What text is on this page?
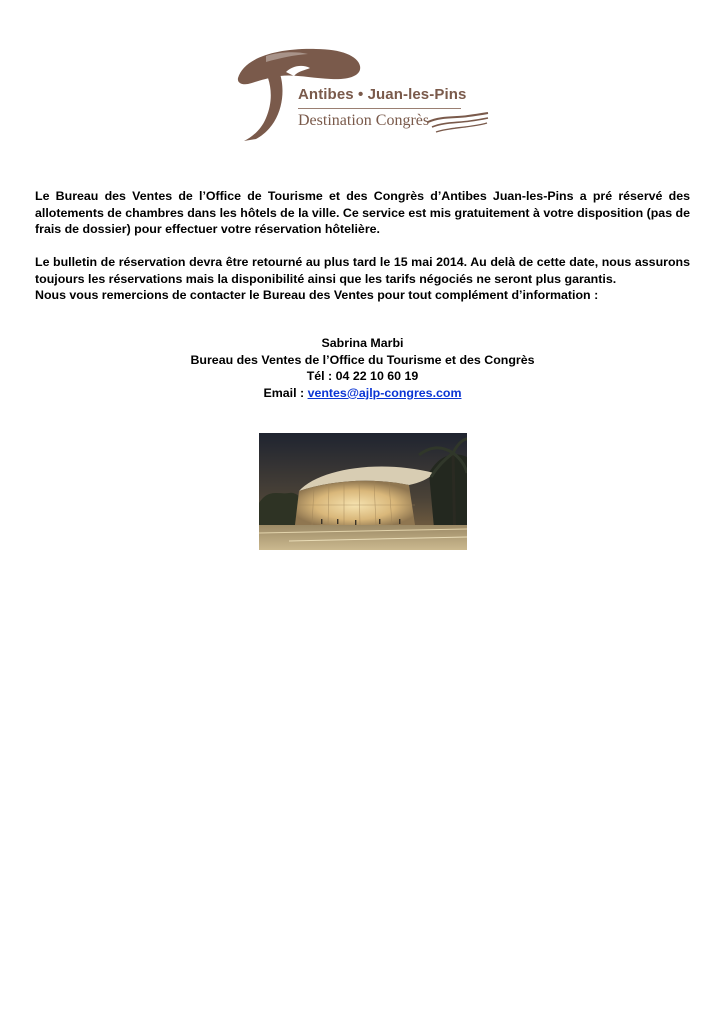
Antibes • Juan-les-Pins
Destination Congrès

Le Bureau des Ventes de l’Office de Tourisme et des Congrès d’Antibes Juan-les-Pins a pré réservé des allotements de chambres dans les hôtels de la ville. Ce service est mis gratuitement à votre disposition (pas de frais de dossier) pour effectuer votre réservation hôtelière.

Le bulletin de réservation devra être retourné au plus tard le 15 mai 2014. Au delà de cette date, nous assurons toujours les réservations mais la disponibilité ainsi que les tarifs négociés ne seront plus garantis.

Nous vous remercions de contacter le Bureau des Ventes pour tout complément d’information :

Sabrina Marbi
Bureau des Ventes de l’Office du Tourisme et des Congrès
Tél : 04 22 10 60 19
Email : ventes@ajlp-congres.com
